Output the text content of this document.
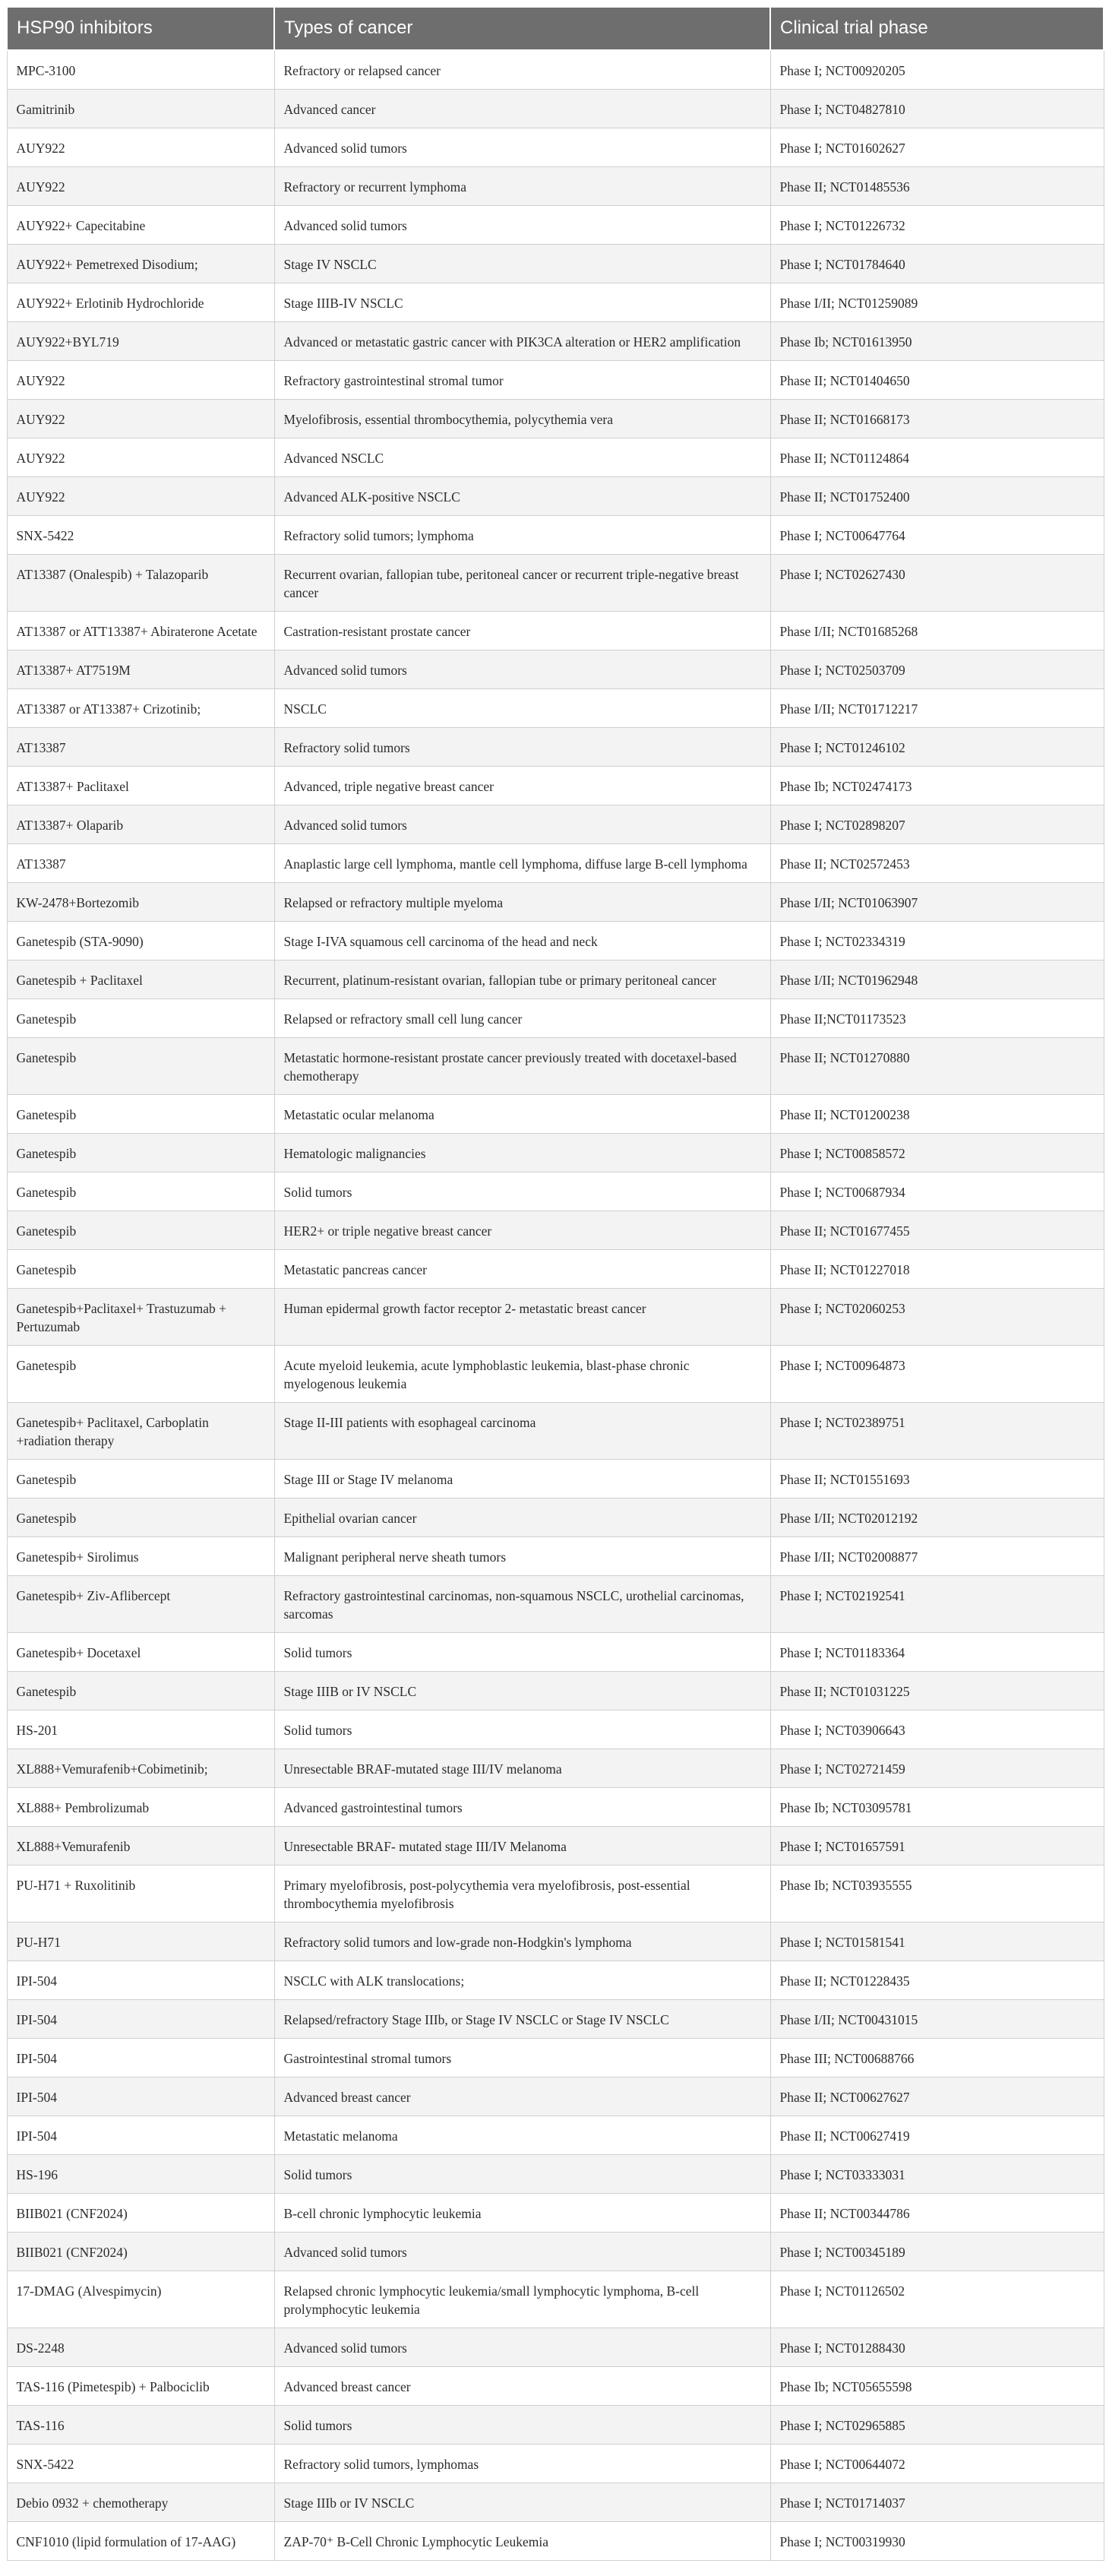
HSP90 inhibitors	Types of cancer	Clinical trial phase
MPC-3100	Refractory or relapsed cancer	Phase I; NCT00920205
Gamitrinib	Advanced cancer	Phase I; NCT04827810
AUY922	Advanced solid tumors	Phase I; NCT01602627
AUY922	Refractory or recurrent lymphoma	Phase II; NCT01485536
AUY922+ Capecitabine	Advanced solid tumors	Phase I; NCT01226732
AUY922+ Pemetrexed Disodium;	Stage IV NSCLC	Phase I; NCT01784640
AUY922+ Erlotinib Hydrochloride	Stage IIIB-IV NSCLC	Phase I/II; NCT01259089
AUY922+BYL719	Advanced or metastatic gastric cancer with PIK3CA alteration or HER2 amplification	Phase Ib; NCT01613950
AUY922	Refractory gastrointestinal stromal tumor	Phase II; NCT01404650
AUY922	Myelofibrosis, essential thrombocythemia, polycythemia vera	Phase II; NCT01668173
AUY922	Advanced NSCLC	Phase II; NCT01124864
AUY922	Advanced ALK-positive NSCLC	Phase II; NCT01752400
SNX-5422	Refractory solid tumors; lymphoma	Phase I; NCT00647764
AT13387 (Onalespib) + Talazoparib	Recurrent ovarian, fallopian tube, peritoneal cancer or recurrent triple-negative breast cancer	Phase I; NCT02627430
AT13387 or ATT13387+ Abiraterone Acetate	Castration-resistant prostate cancer	Phase I/II; NCT01685268
AT13387+ AT7519M	Advanced solid tumors	Phase I; NCT02503709
AT13387 or AT13387+ Crizotinib;	NSCLC	Phase I/II; NCT01712217
AT13387	Refractory solid tumors	Phase I; NCT01246102
AT13387+ Paclitaxel	Advanced, triple negative breast cancer	Phase Ib; NCT02474173
AT13387+ Olaparib	Advanced solid tumors	Phase I; NCT02898207
AT13387	Anaplastic large cell lymphoma, mantle cell lymphoma, diffuse large B-cell lymphoma	Phase II; NCT02572453
KW-2478+Bortezomib	Relapsed or refractory multiple myeloma	Phase I/II; NCT01063907
Ganetespib (STA-9090)	Stage I-IVA squamous cell carcinoma of the head and neck	Phase I; NCT02334319
Ganetespib + Paclitaxel	Recurrent, platinum-resistant ovarian, fallopian tube or primary peritoneal cancer	Phase I/II; NCT01962948
Ganetespib	Relapsed or refractory small cell lung cancer	Phase II;NCT01173523
Ganetespib	Metastatic hormone-resistant prostate cancer previously treated with docetaxel-based chemotherapy	Phase II; NCT01270880
Ganetespib	Metastatic ocular melanoma	Phase II; NCT01200238
Ganetespib	Hematologic malignancies	Phase I; NCT00858572
Ganetespib	Solid tumors	Phase I; NCT00687934
Ganetespib	HER2+ or triple negative breast cancer	Phase II; NCT01677455
Ganetespib	Metastatic pancreas cancer	Phase II; NCT01227018
Ganetespib+Paclitaxel+ Trastuzumab + Pertuzumab	Human epidermal growth factor receptor 2- metastatic breast cancer	Phase I; NCT02060253
Ganetespib	Acute myeloid leukemia, acute lymphoblastic leukemia, blast-phase chronic myelogenous leukemia	Phase I; NCT00964873
Ganetespib+ Paclitaxel, Carboplatin +radiation therapy	Stage II-III patients with esophageal carcinoma	Phase I; NCT02389751
Ganetespib	Stage III or Stage IV melanoma	Phase II; NCT01551693
Ganetespib	Epithelial ovarian cancer	Phase I/II; NCT02012192
Ganetespib+ Sirolimus	Malignant peripheral nerve sheath tumors	Phase I/II; NCT02008877
Ganetespib+ Ziv-Aflibercept	Refractory gastrointestinal carcinomas, non-squamous NSCLC, urothelial carcinomas, sarcomas	Phase I; NCT02192541
Ganetespib+ Docetaxel	Solid tumors	Phase I; NCT01183364
Ganetespib	Stage IIIB or IV NSCLC	Phase II; NCT01031225
HS-201	Solid tumors	Phase I; NCT03906643
XL888+Vemurafenib+Cobimetinib;	Unresectable BRAF-mutated stage III/IV melanoma	Phase I; NCT02721459
XL888+ Pembrolizumab	Advanced gastrointestinal tumors	Phase Ib; NCT03095781
XL888+Vemurafenib	Unresectable BRAF- mutated stage III/IV Melanoma	Phase I; NCT01657591
PU-H71 + Ruxolitinib	Primary myelofibrosis, post-polycythemia vera myelofibrosis, post-essential thrombocythemia myelofibrosis	Phase Ib; NCT03935555
PU-H71	Refractory solid tumors and low-grade non-Hodgkin's lymphoma	Phase I; NCT01581541
IPI-504	NSCLC with ALK translocations;	Phase II; NCT01228435
IPI-504	Relapsed/refractory Stage IIIb, or Stage IV NSCLC or Stage IV NSCLC	Phase I/II; NCT00431015
IPI-504	Gastrointestinal stromal tumors	Phase III; NCT00688766
IPI-504	Advanced breast cancer	Phase II; NCT00627627
IPI-504	Metastatic melanoma	Phase II; NCT00627419
HS-196	Solid tumors	Phase I; NCT03333031
BIIB021 (CNF2024)	B-cell chronic lymphocytic leukemia	Phase II; NCT00344786
BIIB021 (CNF2024)	Advanced solid tumors	Phase I; NCT00345189
17-DMAG (Alvespimycin)	Relapsed chronic lymphocytic leukemia/small lymphocytic lymphoma, B-cell prolymphocytic leukemia	Phase I; NCT01126502
DS-2248	Advanced solid tumors	Phase I; NCT01288430
TAS-116 (Pimetespib) + Palbociclib	Advanced breast cancer	Phase Ib; NCT05655598
TAS-116	Solid tumors	Phase I; NCT02965885
SNX-5422	Refractory solid tumors, lymphomas	Phase I; NCT00644072
Debio 0932 + chemotherapy	Stage IIIb or IV NSCLC	Phase I; NCT01714037
CNF1010 (lipid formulation of 17-AAG)	ZAP-70⁺ B-Cell Chronic Lymphocytic Leukemia	Phase I; NCT00319930
